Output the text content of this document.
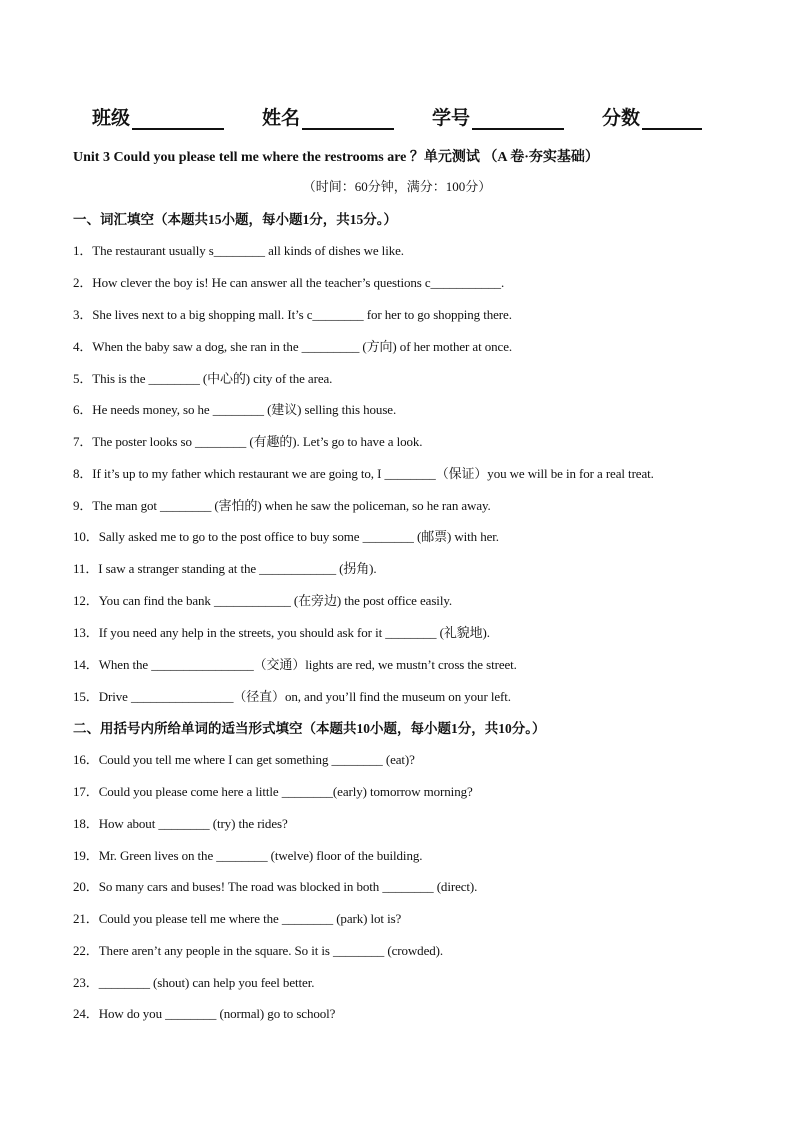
班级	姓名	学号	分数
Unit 3 Could you please tell me where the restrooms are ？单元测试 （A 卷·夯实基础）
（时间：60分钟，满分：100分）
一、词汇填空（本题共15小题，每小题1分，共15分。）
1．The restaurant usually s________ all kinds of dishes we like.
2．How clever the boy is! He can answer all the teacher’s questions c___________.
3．She lives next to a big shopping mall. It’s c________ for her to go shopping there.
4．When the baby saw a dog, she ran in the _________ (方向) of her mother at once.
5．This is the ________ (中心的) city of the area.
6．He needs money, so he ________ (建议) selling this house.
7．The poster looks so ________ (有趣的). Let’s go to have a look.
8．If it’s up to my father which restaurant we are going to, I ________（保证）you we will be in for a real treat.
9．The man got ________ (害怕的) when he saw the policeman, so he ran away.
10．Sally asked me to go to the post office to buy some ________ (邮票) with her.
11．I saw a stranger standing at the ____________ (拐角).
12．You can find the bank ____________ (在旁边) the post office easily.
13．If you need any help in the streets, you should ask for it ________ (礼貌地).
14．When the ________________（交通）lights are red, we mustn’t cross the street.
15．Drive ________________（径直）on, and you’ll find the museum on your left.
二、用括号内所给单词的适当形式填空（本题共10小题，每小题1分，共10分。）
16．Could you tell me where I can get something ________ (eat)?
17．Could you please come here a little ________(early) tomorrow morning?
18．How about ________ (try) the rides?
19．Mr. Green lives on the ________ (twelve) floor of the building.
20．So many cars and buses! The road was blocked in both ________ (direct).
21．Could you please tell me where the ________ (park) lot is?
22．There aren’t any people in the square. So it is ________ (crowded).
23．________ (shout) can help you feel better.
24．How do you ________ (normal) go to school?
